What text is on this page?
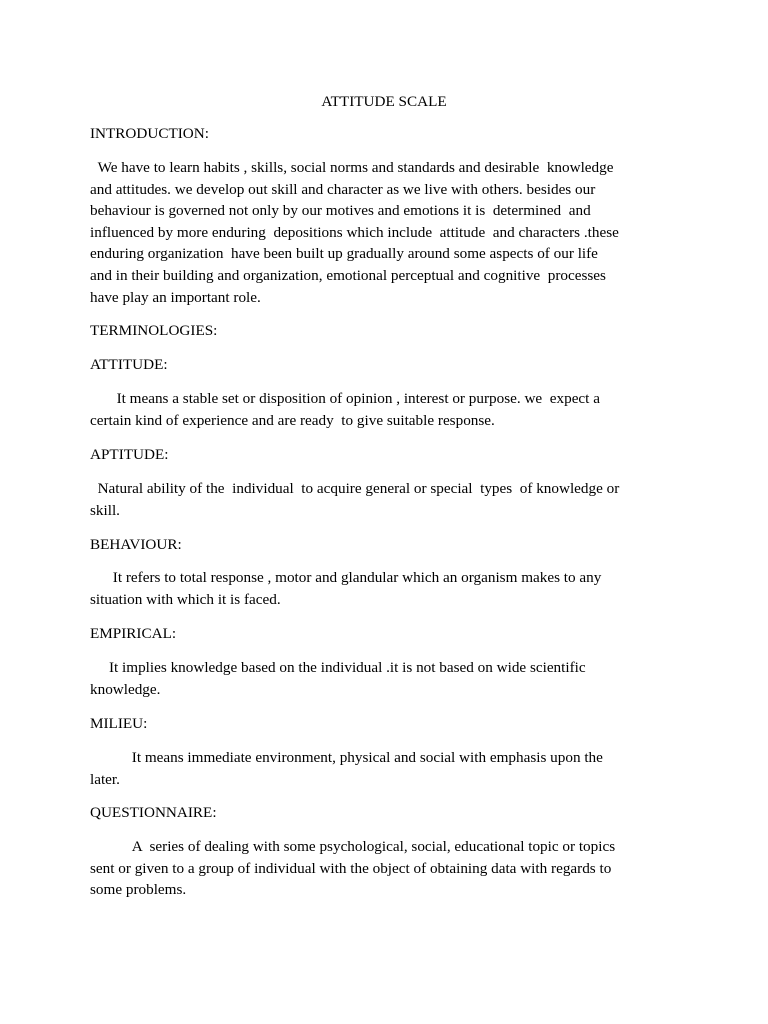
ATTITUDE SCALE
INTRODUCTION:
We have to learn habits , skills, social norms and standards and desirable  knowledge
and attitudes. we develop out skill and character as we live with others. besides our
behaviour is governed not only by our motives and emotions it is  determined  and
influenced by more enduring  depositions which include  attitude  and characters .these
enduring organization  have been built up gradually around some aspects of our life
and in their building and organization, emotional perceptual and cognitive  processes
have play an important role.
TERMINOLOGIES:
ATTITUDE:
It means a stable set or disposition of opinion , interest or purpose. we  expect a
certain kind of experience and are ready  to give suitable response.
APTITUDE:
Natural ability of the  individual  to acquire general or special  types  of knowledge or
skill.
BEHAVIOUR:
It refers to total response , motor and glandular which an organism makes to any
situation with which it is faced.
EMPIRICAL:
It implies knowledge based on the individual .it is not based on wide scientific
knowledge.
MILIEU:
It means immediate environment, physical and social with emphasis upon the
later.
QUESTIONNAIRE:
A  series of dealing with some psychological, social, educational topic or topics
sent or given to a group of individual with the object of obtaining data with regards to
some problems.
